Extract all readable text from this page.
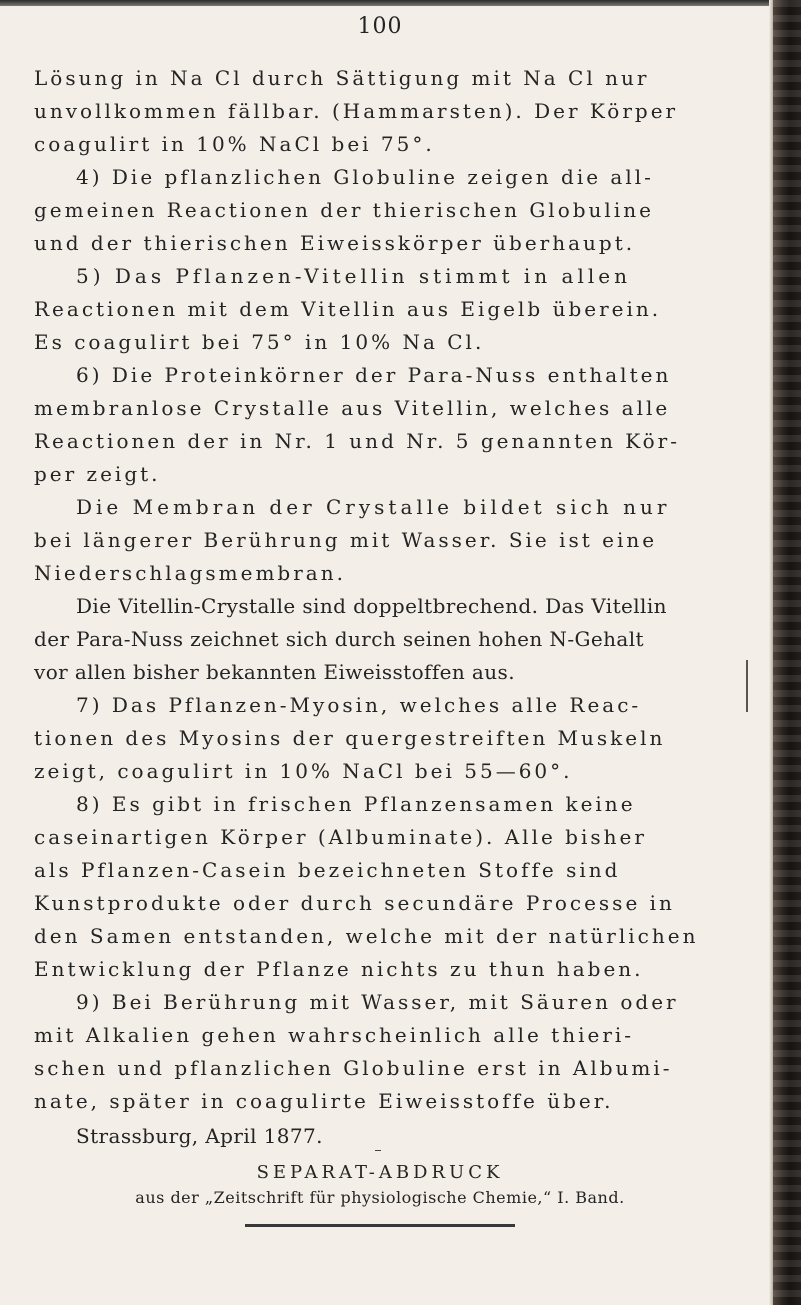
100
Lösung in Na Cl durch Sättigung mit Na Cl nur
unvollkommen fällbar. (Hammarsten). Der Körper
coagulirt in 10% NaCl bei 75°.
4) Die pflanzlichen Globuline zeigen die all-
gemeinen Reactionen der thierischen Globuline
und der thierischen Eiweisskörper überhaupt.
5) Das Pflanzen-Vitellin stimmt in allen
Reactionen mit dem Vitellin aus Eigelb überein.
Es coagulirt bei 75° in 10% Na Cl.
6) Die Proteinkörner der Para-Nuss enthalten
membranlose Crystalle aus Vitellin, welches alle
Reactionen der in Nr. 1 und Nr. 5 genannten Kör-
per zeigt.
Die Membran der Crystalle bildet sich nur
bei längerer Berührung mit Wasser. Sie ist eine
Niederschlagsmembran.
Die Vitellin-Crystalle sind doppeltbrechend. Das Vitellin
der Para-Nuss zeichnet sich durch seinen hohen N-Gehalt
vor allen bisher bekannten Eiweisstoffen aus.
7) Das Pflanzen-Myosin, welches alle Reac-
tionen des Myosins der quergestreiften Muskeln
zeigt, coagulirt in 10% NaCl bei 55—60°.
8) Es gibt in frischen Pflanzensamen keine
caseinartigen Körper (Albuminate). Alle bisher
als Pflanzen-Casein bezeichneten Stoffe sind
Kunstprodukte oder durch secundäre Processe in
den Samen entstanden, welche mit der natürlichen
Entwicklung der Pflanze nichts zu thun haben.
9) Bei Berührung mit Wasser, mit Säuren oder
mit Alkalien gehen wahrscheinlich alle thieri-
schen und pflanzlichen Globuline erst in Albumi-
nate, später in coagulirte Eiweisstoffe über.
Strassburg, April 1877.
SEPARAT-ABDRUCK
aus der „Zeitschrift für physiologische Chemie,“ I. Band.
